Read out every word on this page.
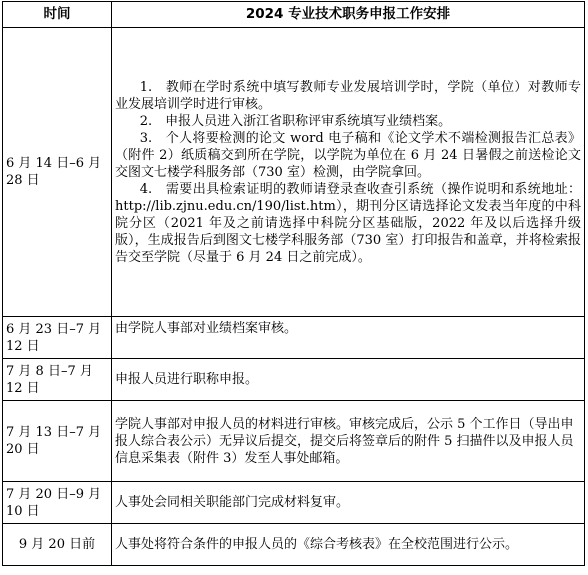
时间	2024 专业技术职务申报工作安排
6 月 14 日–6 月 28 日	1.　教师在学时系统中填写教师专业发展培训学时，学院（单位）对教师专业发展培训学时进行审核。
2.　申报人员进入浙江省职称评审系统填写业绩档案。
3.　个人将要检测的论文 word 电子稿和《论文学术不端检测报告汇总表》（附件 2）纸质稿交到所在学院，以学院为单位在 6 月 24 日暑假之前送检论文交图文七楼学科服务部（730 室）检测，由学院拿回。
4.　需要出具检索证明的教师请登录查收查引系统（操作说明和系统地址：http://lib.zjnu.edu.cn/190/list.htm），期刊分区请选择论文发表当年度的中科院分区（2021 年及之前请选择中科院分区基础版，2022 年及以后选择升级版），生成报告后到图文七楼学科服务部（730 室）打印报告和盖章，并将检索报告交至学院（尽量于 6 月 24 日之前完成）。

6 月 23 日–7 月 12 日	由学院人事部对业绩档案审核。
7 月 8 日–7 月 12 日	申报人员进行职称申报。
7 月 13 日–7 月 20 日	学院人事部对申报人员的材料进行审核。审核完成后，公示 5 个工作日（导出申报人综合表公示）无异议后提交，提交后将签章后的附件 5 扫描件以及申报人员信息采集表（附件 3）发至人事处邮箱。
7 月 20 日–9 月 10 日	人事处会同相关职能部门完成材料复审。
9 月 20 日前	人事处将符合条件的申报人员的《综合考核表》在全校范围进行公示。
